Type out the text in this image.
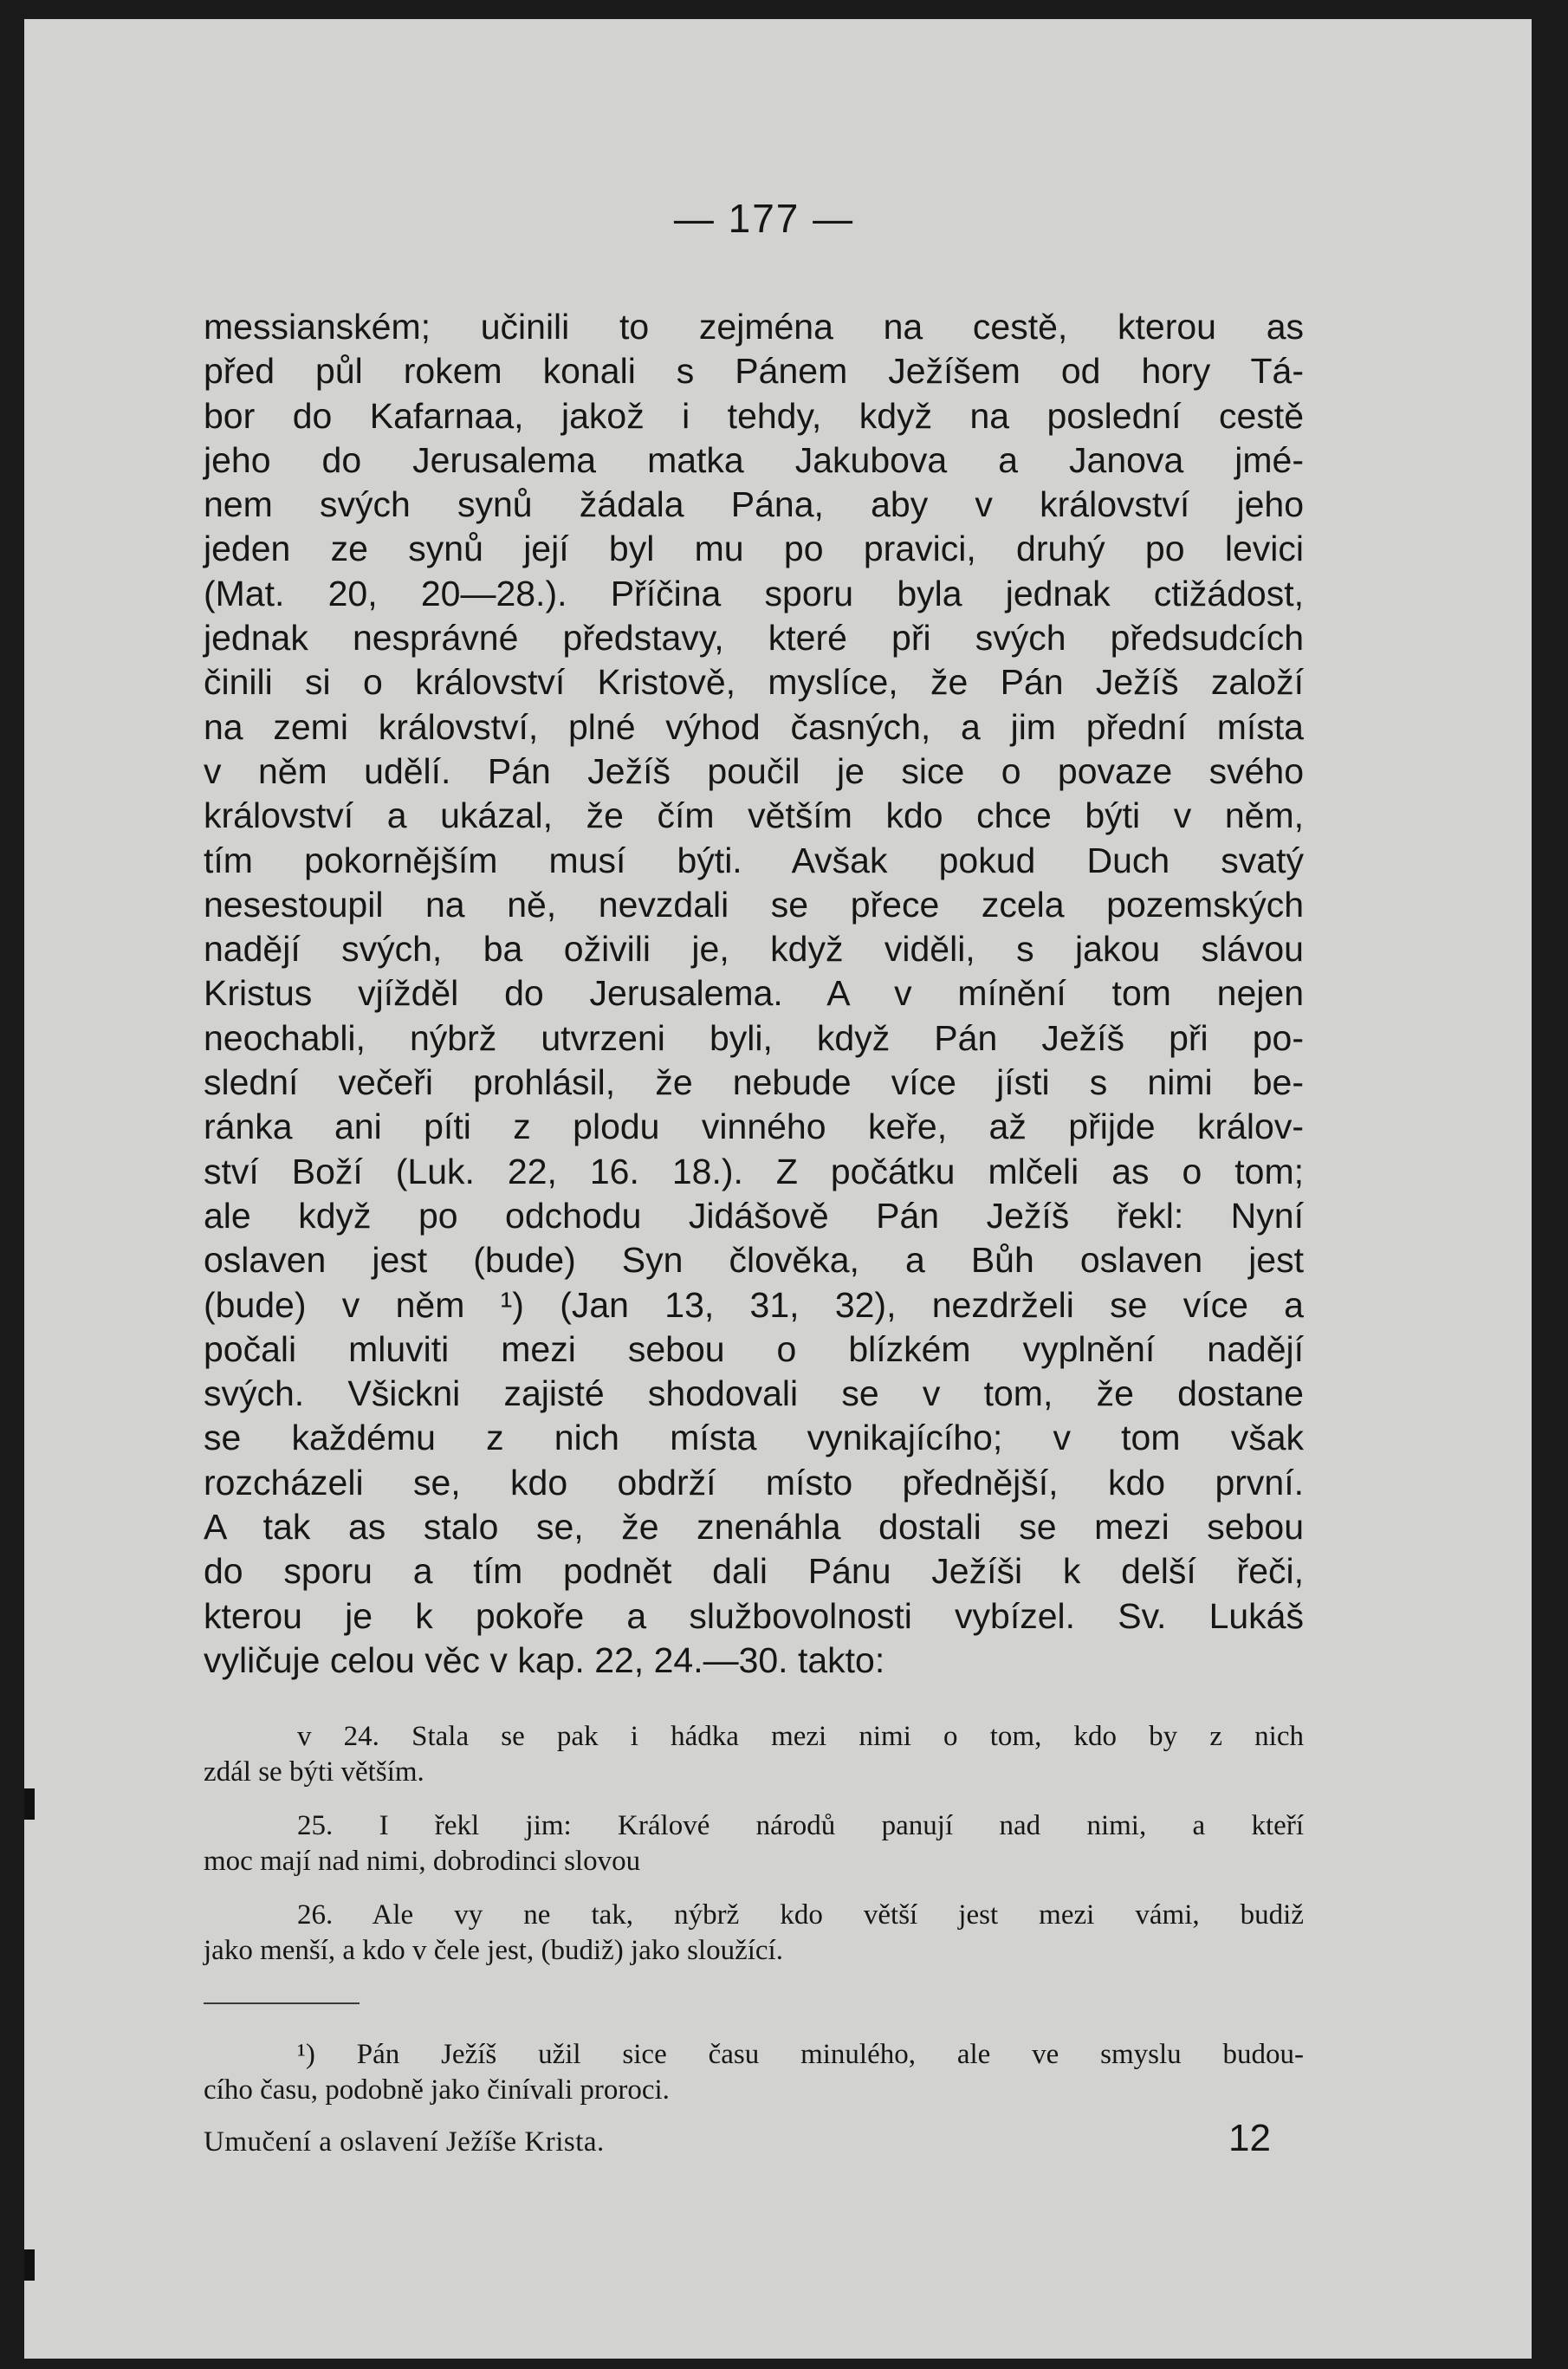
— 177 —
messianském; učinili to zejména na cestě, kterou as
před půl rokem konali s Pánem Ježíšem od hory Tá-
bor do Kafarnaa, jakož i tehdy, když na poslední cestě
jeho do Jerusalema matka Jakubova a Janova jmé-
nem svých synů žádala Pána, aby v království jeho
jeden ze synů její byl mu po pravici, druhý po levici
(Mat. 20, 20—28.). Příčina sporu byla jednak ctižádost,
jednak nesprávné představy, které při svých předsudcích
činili si o království Kristově, myslíce, že Pán Ježíš založí
na zemi království, plné výhod časných, a jim přední místa
v něm udělí. Pán Ježíš poučil je sice o povaze svého
království a ukázal, že čím větším kdo chce býti v něm,
tím pokornějším musí býti. Avšak pokud Duch svatý
nesestoupil na ně, nevzdali se přece zcela pozemských
nadějí svých, ba oživili je, když viděli, s jakou slávou
Kristus vjížděl do Jerusalema. A v mínění tom nejen
neochabli, nýbrž utvrzeni byli, když Pán Ježíš při po-
slední večeři prohlásil, že nebude více jísti s nimi be-
ránka ani píti z plodu vinného keře, až přijde králov-
ství Boží (Luk. 22, 16. 18.). Z počátku mlčeli as o tom;
ale když po odchodu Jidášově Pán Ježíš řekl: Nyní
oslaven jest (bude) Syn člověka, a Bůh oslaven jest
(bude) v něm ¹) (Jan 13, 31, 32), nezdrželi se více a
počali mluviti mezi sebou o blízkém vyplnění nadějí
svých. Všickni zajisté shodovali se v tom, že dostane
se každému z nich místa vynikajícího; v tom však
rozcházeli se, kdo obdrží místo přednější, kdo první.
A tak as stalo se, že znenáhla dostali se mezi sebou
do sporu a tím podnět dali Pánu Ježíši k delší řeči,
kterou je k pokoře a službovolnosti vybízel. Sv. Lukáš
vyličuje celou věc v kap. 22, 24.—30. takto:
v 24. Stala se pak i hádka mezi nimi o tom, kdo by z nich
zdál se býti větším.
25. I řekl jim: Králové národů panují nad nimi, a kteří
moc mají nad nimi, dobrodinci slovou
26. Ale vy ne tak, nýbrž kdo větší jest mezi vámi, budiž
jako menší, a kdo v čele jest, (budiž) jako sloužící.
¹) Pán Ježíš užil sice času minulého, ale ve smyslu budou-
cího času, podobně jako činívali proroci.
Umučení a oslavení Ježíše Krista.	12
